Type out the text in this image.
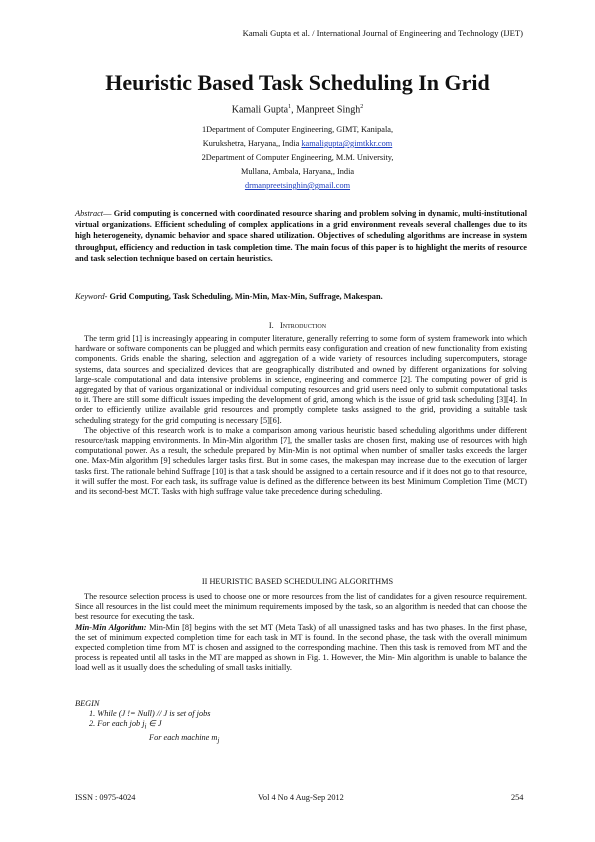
Kamali Gupta et al. / International Journal of Engineering and Technology (IJET)
Heuristic Based Task Scheduling In Grid
Kamali Gupta$^1$, Manpreet Singh$^2$
1Department of Computer Engineering, GIMT, Kanipala,
Kurukshetra, Haryana,, India kamaligupta@gimtkkr.com
2Department of Computer Engineering, M.M. University,
Mullana, Ambala, Haryana,, India
drmanpreetsinghin@gmail.com
Abstract— Grid computing is concerned with coordinated resource sharing and problem solving in dynamic, multi-institutional virtual organizations. Efficient scheduling of complex applications in a grid environment reveals several challenges due to its high heterogeneity, dynamic behavior and space shared utilization. Objectives of scheduling algorithms are increase in system throughput, efficiency and reduction in task completion time. The main focus of this paper is to highlight the merits of resource and task selection technique based on certain heuristics.
Keyword- Grid Computing, Task Scheduling, Min-Min, Max-Min, Suffrage, Makespan.
I. Introduction

The term grid [1] is increasingly appearing in computer literature, generally referring to some form of system framework into which hardware or software components can be plugged and which permits easy configuration and creation of new functionality from existing components. Grids enable the sharing, selection and aggregation of a wide variety of resources including supercomputers, storage systems, data sources and specialized devices that are geographically distributed and owned by different organizations for solving large-scale computational and data intensive problems in science, engineering and commerce [2]. The computing power of grid is aggregated by that of various organizational or individual computing resources and grid users need only to submit computational tasks to it. There are still some difficult issues impeding the development of grid, among which is the issue of grid task scheduling [3][4]. In order to efficiently utilize available grid resources and promptly complete tasks assigned to the grid, providing a suitable task scheduling strategy for the grid computing is necessary [5][6].

The objective of this research work is to make a comparison among various heuristic based scheduling algorithms under different resource/task mapping environments. In Min-Min algorithm [7], the smaller tasks are chosen first, making use of resources with high computational power. As a result, the schedule prepared by Min-Min is not optimal when number of smaller tasks exceeds the larger one. Max-Min algorithm [9] schedules larger tasks first. But in some cases, the makespan may increase due to the execution of larger tasks first. The rationale behind Suffrage [10] is that a task should be assigned to a certain resource and if it does not go to that resource, it will suffer the most. For each task, its suffrage value is defined as the difference between its best Minimum Completion Time (MCT) and its second-best MCT. Tasks with high suffrage value take precedence during scheduling.

II HEURISTIC BASED SCHEDULING ALGORITHMS

The resource selection process is used to choose one or more resources from the list of candidates for a given resource requirement. Since all resources in the list could meet the minimum requirements imposed by the task, so an algorithm is needed that can choose the best resource for executing the task.

Min-Min Algorithm: Min-Min [8] begins with the set MT (Meta Task) of all unassigned tasks and has two phases. In the first phase, the set of minimum expected completion time for each task in MT is found. In the second phase, the task with the overall minimum expected completion time from MT is chosen and assigned to the corresponding machine. Then this task is removed from MT and the process is repeated until all tasks in the MT are mapped as shown in Fig. 1. However, the Min- Min algorithm is unable to balance the load well as it usually does the scheduling of small tasks initially.

BEGIN
1. While (J != Null) // J is set of jobs
2. For each job $j_i$ ∈ J
For each machine $m_j$
ISSN : 0975-4024	Vol 4 No 4 Aug-Sep 2012	254
